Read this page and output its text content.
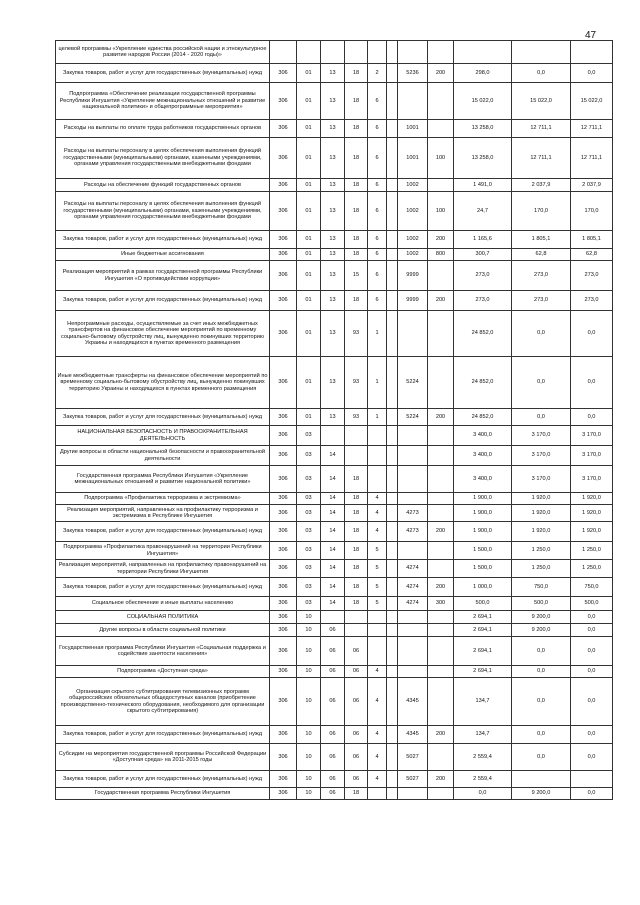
47
целевой программы «Укрепление единства российской нации и этнокультурное развитие народов России (2014 - 2020 годы)»											
Закупка товаров, работ и услуг для государственных (муниципальных) нужд	306	01	13	18	2		5236	200	298,0	0,0	0,0
Подпрограмма «Обеспечение реализации государственной программы Республики Ингушетия «Укрепление межнациональных отношений и развитие национальной политики» и общепрограммные мероприятия»	306	01	13	18	6				15 022,0	15 022,0	15 022,0
Расходы на выплаты по оплате труда работников государственных органов	306	01	13	18	6		1001		13 258,0	12 711,1	12 711,1
Расходы на выплаты персоналу в целях обеспечения выполнения функций государственными (муниципальными) органами, казенными учреждениями, органами управления государственными внебюджетными фондами	306	01	13	18	6		1001	100	13 258,0	12 711,1	12 711,1
Расходы на обеспечение функций государственных органов	306	01	13	18	6		1002		1 491,0	2 037,9	2 037,9
Расходы на выплаты персоналу в целях обеспечения выполнения функций государственными (муниципальными) органами, казенными учреждениями, органами управления государственными внебюджетными фондами	306	01	13	18	6		1002	100	24,7	170,0	170,0
Закупка товаров, работ и услуг для государственных (муниципальных) нужд	306	01	13	18	6		1002	200	1 165,6	1 805,1	1 805,1
Иные бюджетные ассигнования	306	01	13	18	6		1002	800	300,7	62,8	62,8
Реализация мероприятий в рамках государственной программы Республики Ингушетия «О противодействии коррупции»	306	01	13	15	6		9999		273,0	273,0	273,0
Закупка товаров, работ и услуг для государственных (муниципальных) нужд	306	01	13	18	6		9999	200	273,0	273,0	273,0
Непрограммные расходы, осуществляемые за счет иных межбюджетных трансфертов на финансовое обеспечение мероприятий по временному социально-бытовому обустройству лиц, вынужденно покинувших территорию Украины и находящихся в пунктах временного размещения	306	01	13	93	1				24 852,0	0,0	0,0
Иные межбюджетные трансферты на финансовое обеспечение мероприятий по временному социально-бытовому обустройству лиц, вынужденно покинувших территорию Украины и находящихся в пунктах временного размещения	306	01	13	93	1		5224		24 852,0	0,0	0,0
Закупка товаров, работ и услуг для государственных (муниципальных) нужд	306	01	13	93	1		5224	200	24 852,0	0,0	0,0
НАЦИОНАЛЬНАЯ БЕЗОПАСНОСТЬ И ПРАВООХРАНИТЕЛЬНАЯ ДЕЯТЕЛЬНОСТЬ	306	03							3 400,0	3 170,0	3 170,0
Другие вопросы в области национальной безопасности и правоохранительной деятельности	306	03	14						3 400,0	3 170,0	3 170,0
Государственная программа Республики Ингушетия «Укрепление межнациональных отношений и развитие национальной политики»	306	03	14	18					3 400,0	3 170,0	3 170,0
Подпрограмма «Профилактика терроризма и экстремизма»	306	03	14	18	4				1 900,0	1 920,0	1 920,0
Реализация мероприятий, направленных на профилактику терроризма и экстремизма в Республике Ингушетия	306	03	14	18	4		4273		1 900,0	1 920,0	1 920,0
Закупка товаров, работ и услуг для государственных (муниципальных) нужд	306	03	14	18	4		4273	200	1 900,0	1 920,0	1 920,0
Подпрограмма «Профилактика правонарушений на территории Республики Ингушетия»	306	03	14	18	5				1 500,0	1 250,0	1 250,0
Реализация мероприятий, направленных на профилактику правонарушений на территории Республики Ингушетия	306	03	14	18	5		4274		1 500,0	1 250,0	1 250,0
Закупка товаров, работ и услуг для государственных (муниципальных) нужд	306	03	14	18	5		4274	200	1 000,0	750,0	750,0
Социальное обеспечение и иные выплаты населению	306	03	14	18	5		4274	300	500,0	500,0	500,0
СОЦИАЛЬНАЯ ПОЛИТИКА	306	10							2 694,1	9 200,0	0,0
Другие вопросы в области социальной политики	306	10	06						2 694,1	9 200,0	0,0
Государственная программа Республики Ингушетия «Социальная поддержка и содействие занятости населения»	306	10	06	06					2 694,1	0,0	0,0
Подпрограмма «Доступная среда»	306	10	06	06	4				2 694,1	0,0	0,0
Организация скрытого субтитрирования телевизионных программ общероссийских обязательных общедоступных каналов (приобретение производственно-технического оборудования, необходимого для организации скрытого субтитрирования)	306	10	06	06	4		4345		134,7	0,0	0,0
Закупка товаров, работ и услуг для государственных (муниципальных) нужд	306	10	06	06	4		4345	200	134,7	0,0	0,0
Субсидии на мероприятия государственной программы Российской Федерации «Доступная среда» на 2011-2015 годы	306	10	06	06	4		5027		2 559,4	0,0	0,0
Закупка товаров, работ и услуг для государственных (муниципальных) нужд	306	10	06	06	4		5027	200	2 559,4		
Государственная программа Республики Ингушетия	306	10	06	18					0,0	9 200,0	0,0
